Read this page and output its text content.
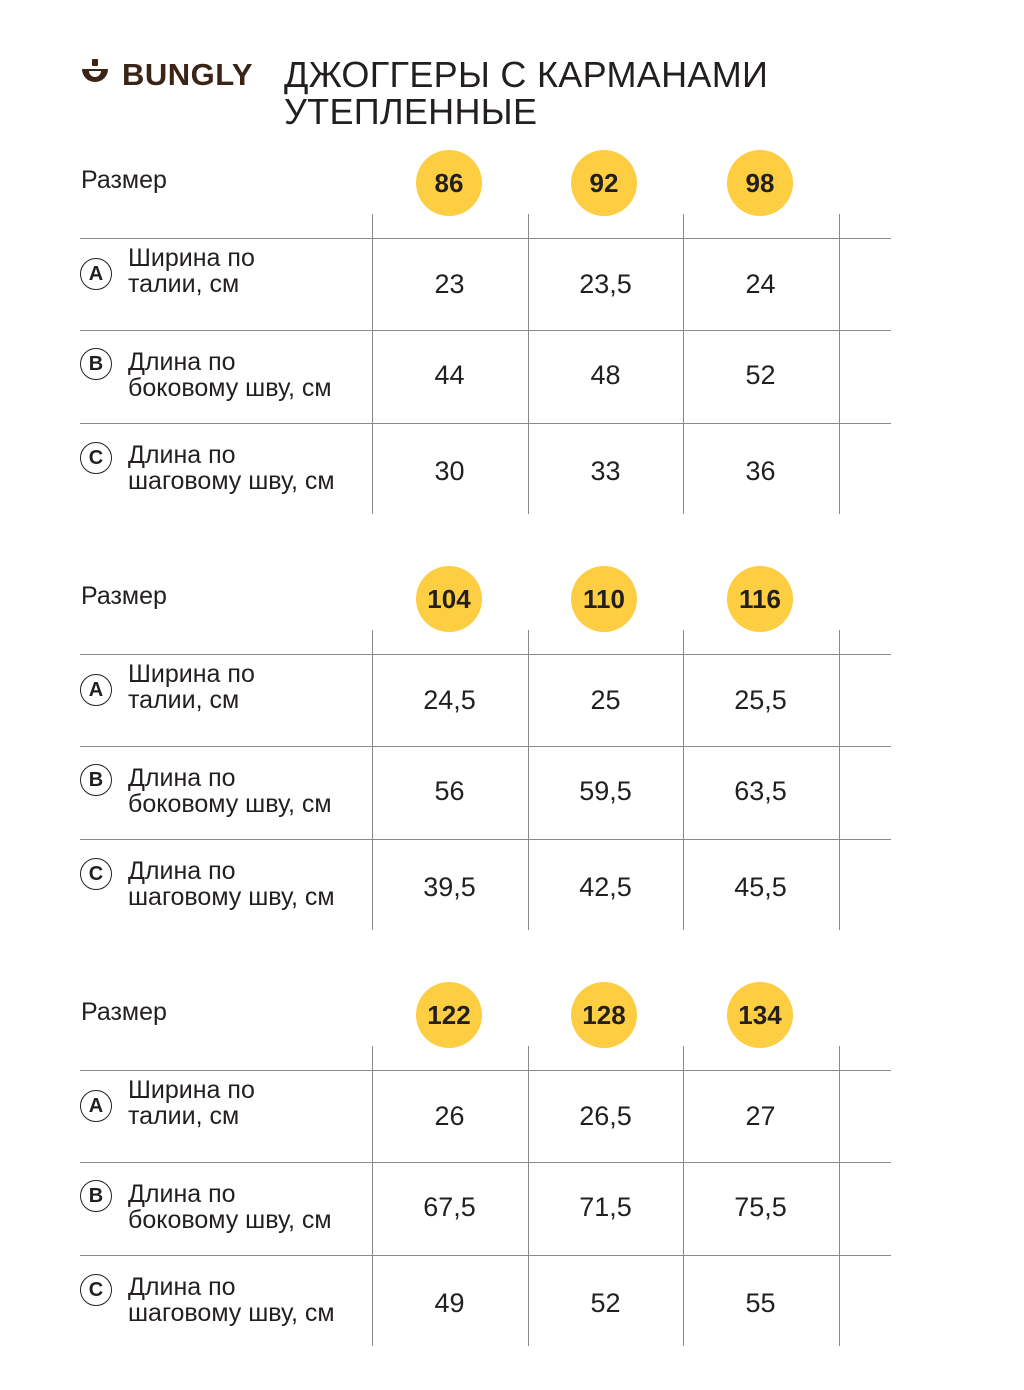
BUNGLY ДЖОГГЕРЫ С КАРМАНАМИ
УТЕПЛЕННЫЕ
Размер	86	92	98
A
Ширина по
талии, см	23	23,5	24
B Длина по
боковому шву, см	44	48	52
C Длина по
шаговому шву, см	30	33	36
Размер	104	110	116
A
Ширина по
талии, см	24,5	25	25,5
B Длина по
боковому шву, см	56	59,5	63,5
C Длина по
шаговому шву, см	39,5	42,5	45,5
Размер	122	128	134
A
Ширина по
талии, см	26	26,5	27
B Длина по
боковому шву, см	67,5	71,5	75,5
C Длина по
шаговому шву, см	49	52	55
